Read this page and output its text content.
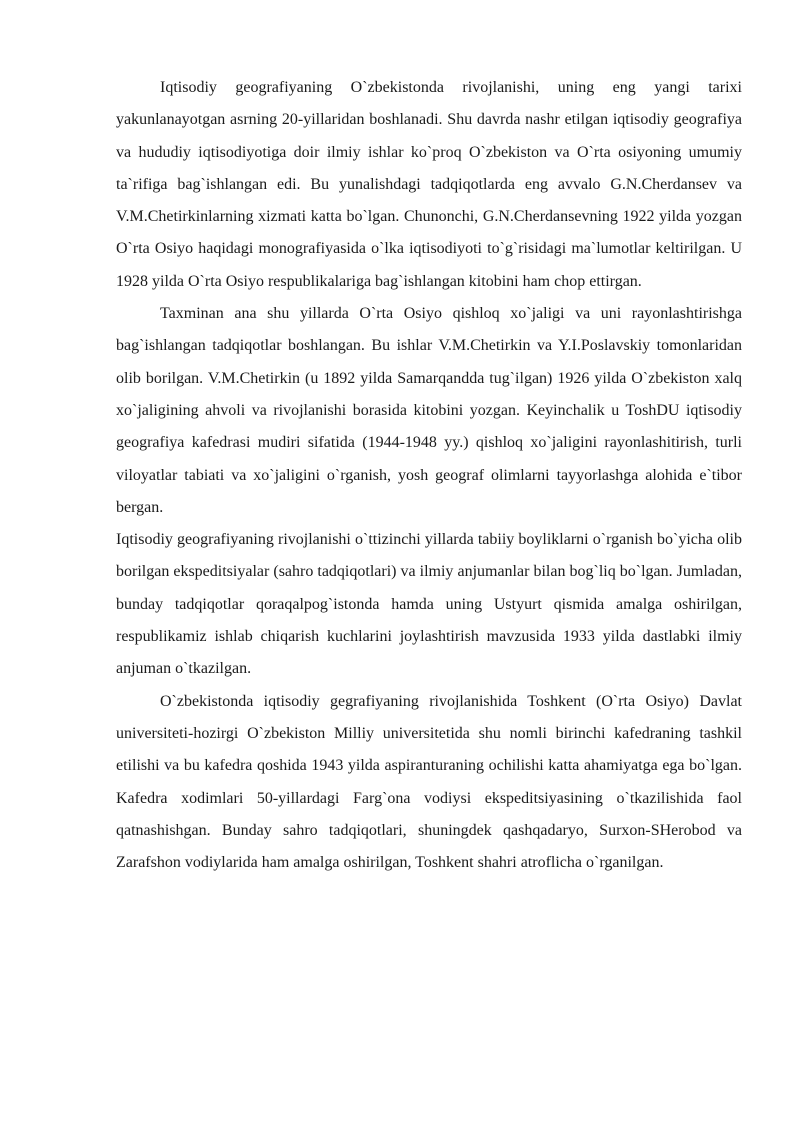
Iqtisodiy geografiyaning O`zbekistonda rivojlanishi, uning eng yangi tarixi yakunlanayotgan asrning 20-yillaridan boshlanadi. Shu davrda nashr etilgan iqtisodiy geografiya va hududiy iqtisodiyotiga doir ilmiy ishlar ko`proq O`zbekiston va O`rta osiyoning umumiy ta`rifiga bag`ishlangan edi. Bu yunalishdagi tadqiqotlarda eng avvalo G.N.Cherdansev va V.M.Chetirkinlarning xizmati katta bo`lgan. Chunonchi, G.N.Cherdansevning 1922 yilda yozgan O`rta Osiyo haqidagi monografiyasida o`lka iqtisodiyoti to`g`risidagi ma`lumotlar keltirilgan. U 1928 yilda O`rta Osiyo respublikalariga bag`ishlangan kitobini ham chop ettirgan.

Taxminan ana shu yillarda O`rta Osiyo qishloq xo`jaligi va uni rayonlashtirishga bag`ishlangan tadqiqotlar boshlangan. Bu ishlar V.M.Chetirkin va Y.I.Poslavskiy tomonlaridan olib borilgan. V.M.Chetirkin (u 1892 yilda Samarqandda tug`ilgan) 1926 yilda O`zbekiston xalq xo`jaligining ahvoli va rivojlanishi borasida kitobini yozgan. Keyinchalik u ToshDU iqtisodiy geografiya kafedrasi mudiri sifatida (1944-1948 yy.) qishloq xo`jaligini rayonlashitirish, turli viloyatlar tabiati va xo`jaligini o`rganish, yosh geograf olimlarni tayyorlashga alohida e`tibor bergan.

Iqtisodiy geografiyaning rivojlanishi o`ttizinchi yillarda tabiiy boyliklarni o`rganish bo`yicha olib borilgan ekspeditsiyalar (sahro tadqiqotlari) va ilmiy anjumanlar bilan bog`liq bo`lgan. Jumladan, bunday tadqiqotlar qoraqalpog`istonda hamda uning Ustyurt qismida amalga oshirilgan, respublikamiz ishlab chiqarish kuchlarini joylashtirish mavzusida 1933 yilda dastlabki ilmiy anjuman o`tkazilgan.

O`zbekistonda iqtisodiy gegrafiyaning rivojlanishida Toshkent (O`rta Osiyo) Davlat universiteti-hozirgi O`zbekiston Milliy universitetida shu nomli birinchi kafedraning tashkil etilishi va bu kafedra qoshida 1943 yilda aspiranturaning ochilishi katta ahamiyatga ega bo`lgan. Kafedra xodimlari 50-yillardagi Farg`ona vodiysi ekspeditsiyasining o`tkazilishida faol qatnashishgan. Bunday sahro tadqiqotlari, shuningdek qashqadaryo, Surxon-SHerobod va Zarafshon vodiylarida ham amalga oshirilgan, Toshkent shahri atroflicha o`rganilgan.
